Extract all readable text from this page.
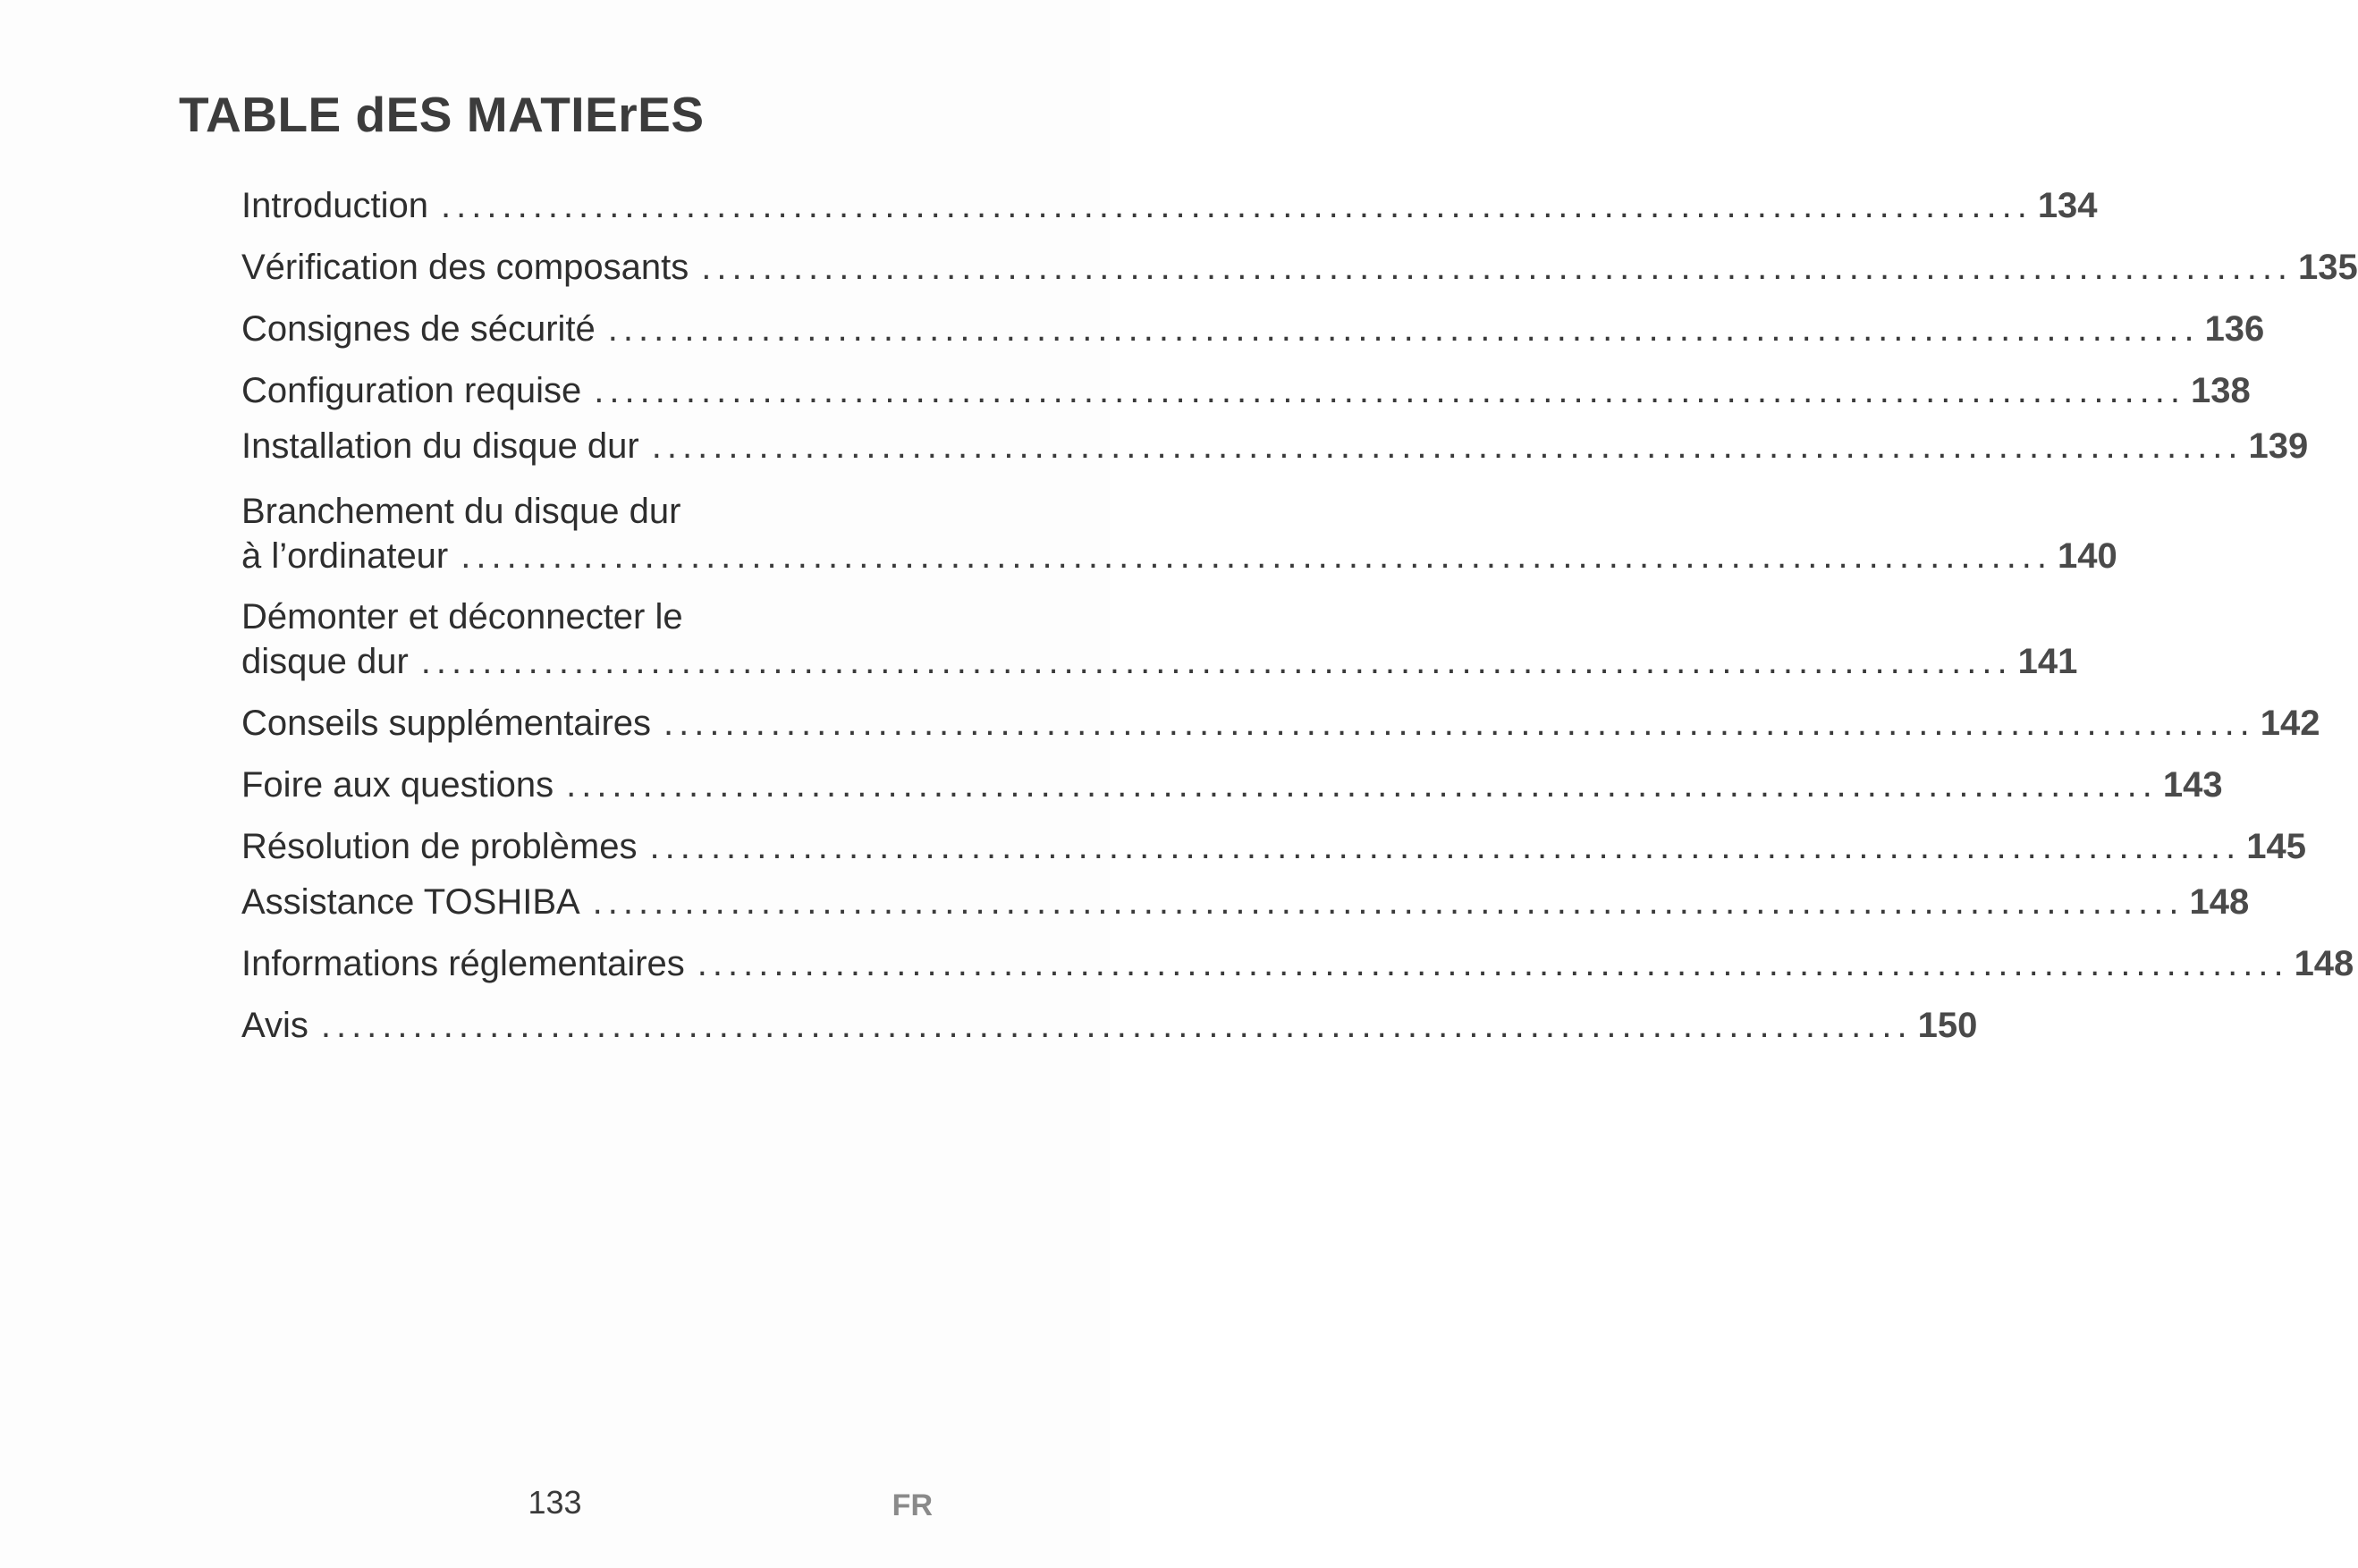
TABLE dES MATIErES
Introduction ........................................................................................................ 134
Vérification des composants ........................................................................................................ 135
Consignes de sécurité ........................................................................................................ 136
Configuration requise ........................................................................................................ 138
Installation du disque dur ........................................................................................................ 139
Branchement du disque dur
à l’ordinateur ........................................................................................................ 140
Démonter et déconnecter le
disque dur ........................................................................................................ 141
Conseils supplémentaires ........................................................................................................ 142
Foire aux questions ........................................................................................................ 143
Résolution de problèmes ........................................................................................................ 145
Assistance TOSHIBA ........................................................................................................ 148
Informations réglementaires ........................................................................................................ 148
Avis ........................................................................................................ 150
133	FR
